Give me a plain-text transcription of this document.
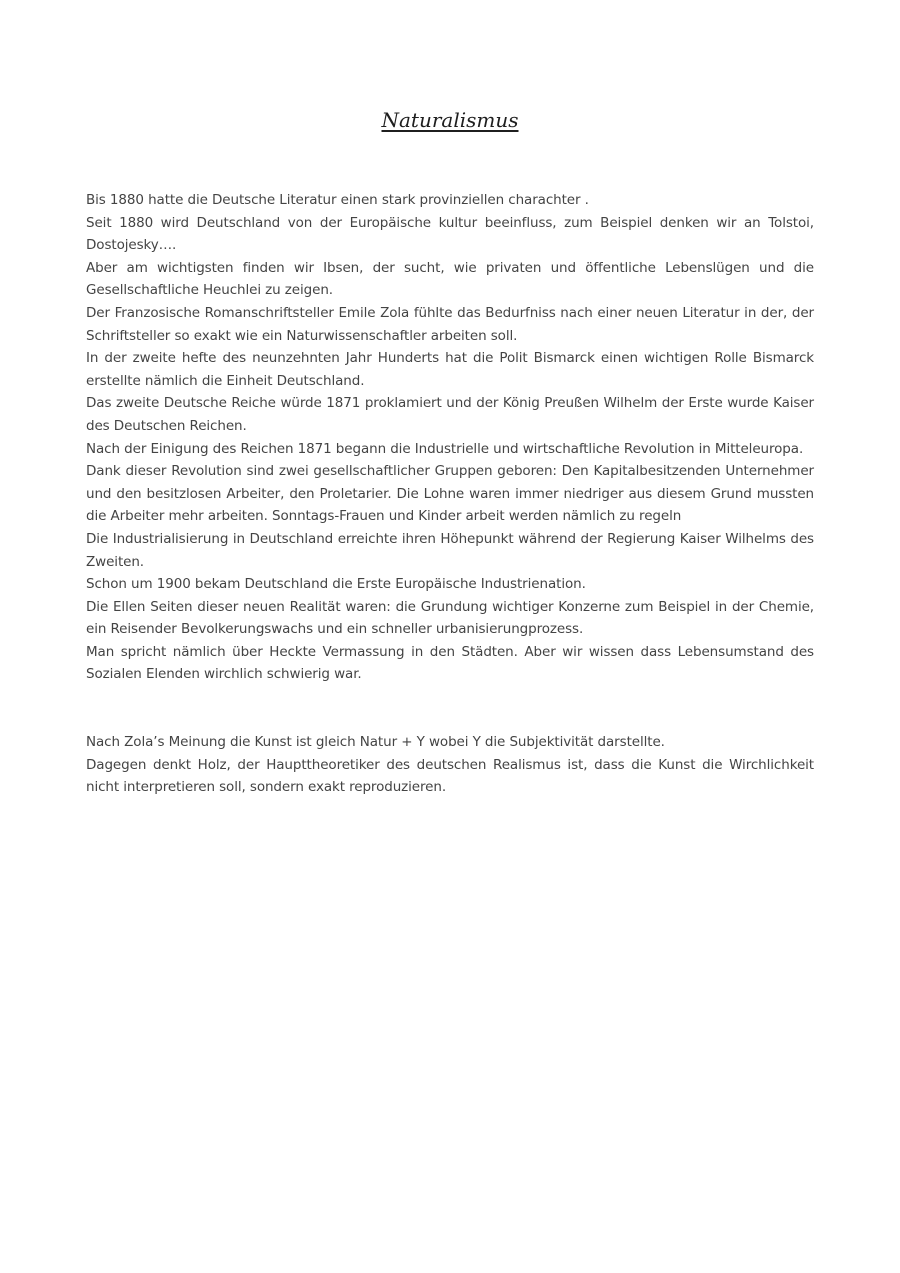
Naturalismus

Bis 1880 hatte die Deutsche Literatur einen stark provinziellen charachter .

Seit 1880 wird Deutschland von der Europäische kultur beeinfluss, zum Beispiel denken wir an Tolstoi, Dostojesky….

Aber am wichtigsten finden wir Ibsen, der sucht, wie privaten und öffentliche Lebenslügen und die Gesellschaftliche Heuchlei zu zeigen.

Der Franzosische Romanschriftsteller Emile Zola fühlte das Bedurfniss nach einer neuen Literatur in der, der Schriftsteller so exakt wie ein Naturwissenschaftler arbeiten soll.

In der zweite hefte des neunzehnten Jahr Hunderts hat die Polit Bismarck einen wichtigen Rolle Bismarck erstellte nämlich die Einheit Deutschland.

Das zweite Deutsche Reiche würde 1871 proklamiert und der König Preußen Wilhelm der Erste wurde Kaiser des Deutschen Reichen.

Nach der Einigung des Reichen 1871 begann die Industrielle und wirtschaftliche Revolution in Mitteleuropa.

Dank dieser Revolution sind zwei gesellschaftlicher Gruppen geboren: Den Kapitalbesitzenden Unternehmer und den besitzlosen Arbeiter, den Proletarier. Die Lohne waren immer niedriger aus diesem Grund mussten die Arbeiter mehr arbeiten. Sonntags-Frauen und Kinder arbeit werden nämlich zu regeln

Die Industrialisierung in Deutschland erreichte ihren Höhepunkt während der Regierung Kaiser Wilhelms des Zweiten.

Schon um 1900 bekam Deutschland die Erste Europäische Industrienation.

Die Ellen Seiten dieser neuen Realität waren: die Grundung wichtiger Konzerne zum Beispiel in der Chemie, ein Reisender Bevolkerungswachs und ein schneller urbanisierungprozess.

Man spricht nämlich über Heckte Vermassung in den Städten. Aber wir wissen dass Lebensumstand des Sozialen Elenden wirchlich schwierig war.

Nach Zola’s Meinung die Kunst ist gleich Natur + Y wobei Y die Subjektivität darstellte.

Dagegen denkt Holz, der Haupttheoretiker des deutschen Realismus ist, dass die Kunst die Wirchlichkeit nicht interpretieren soll, sondern exakt reproduzieren.
